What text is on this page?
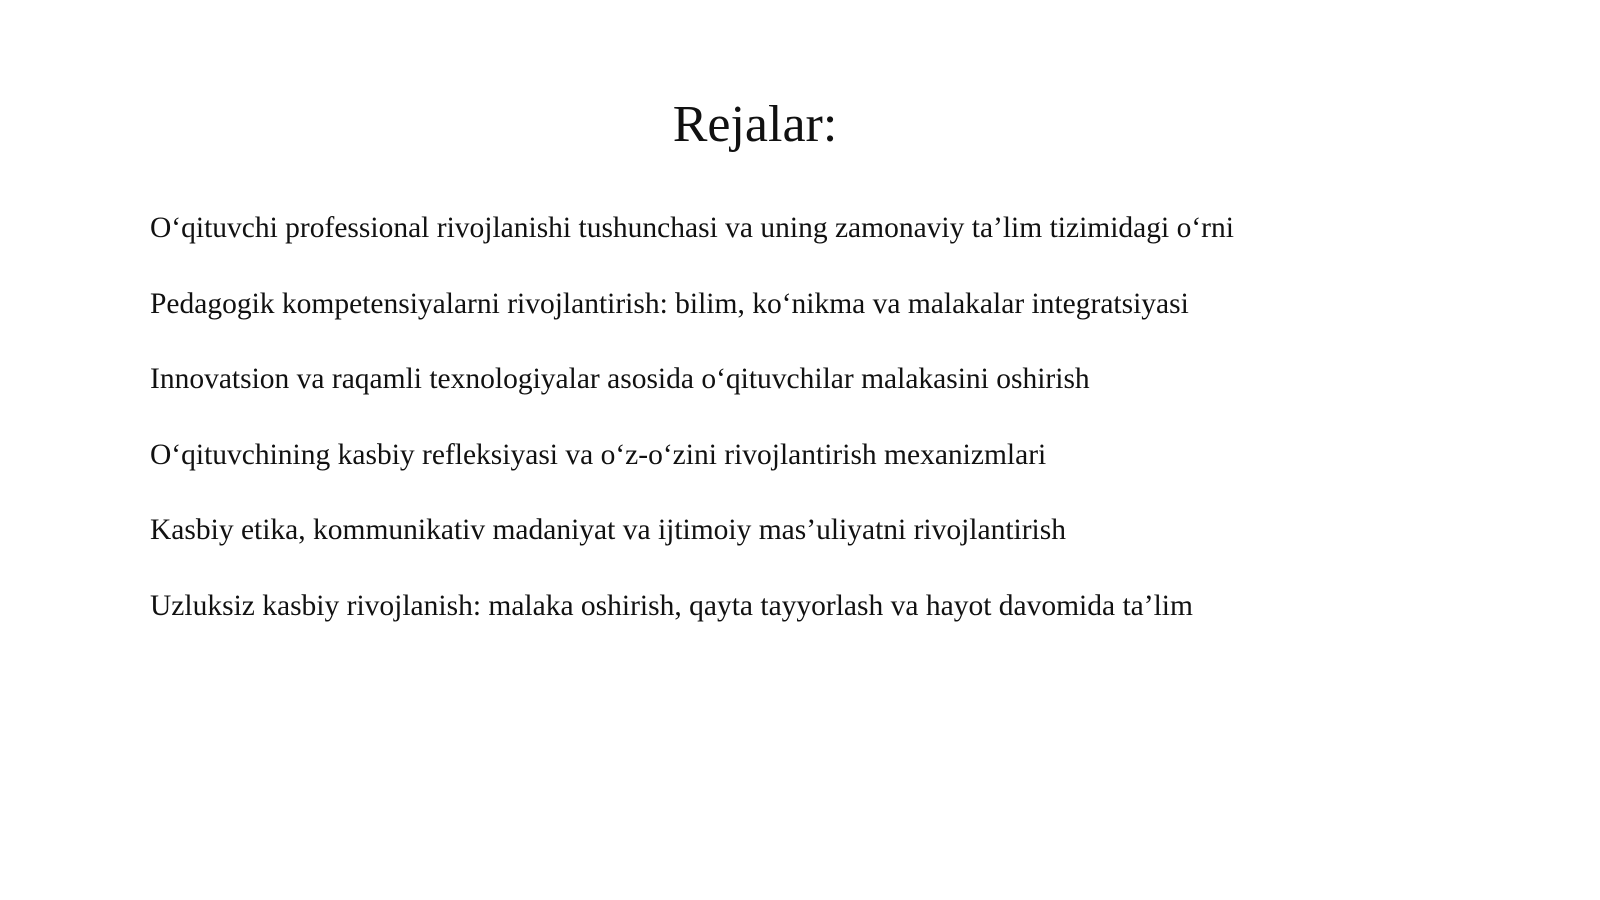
Rejalar:
O‘qituvchi professional rivojlanishi tushunchasi va uning zamonaviy ta’lim tizimidagi o‘rni
Pedagogik kompetensiyalarni rivojlantirish: bilim, ko‘nikma va malakalar integratsiyasi
Innovatsion va raqamli texnologiyalar asosida o‘qituvchilar malakasini oshirish
O‘qituvchining kasbiy refleksiyasi va o‘z-o‘zini rivojlantirish mexanizmlari
Kasbiy etika, kommunikativ madaniyat va ijtimoiy mas’uliyatni rivojlantirish
Uzluksiz kasbiy rivojlanish: malaka oshirish, qayta tayyorlash va hayot davomida ta’lim
